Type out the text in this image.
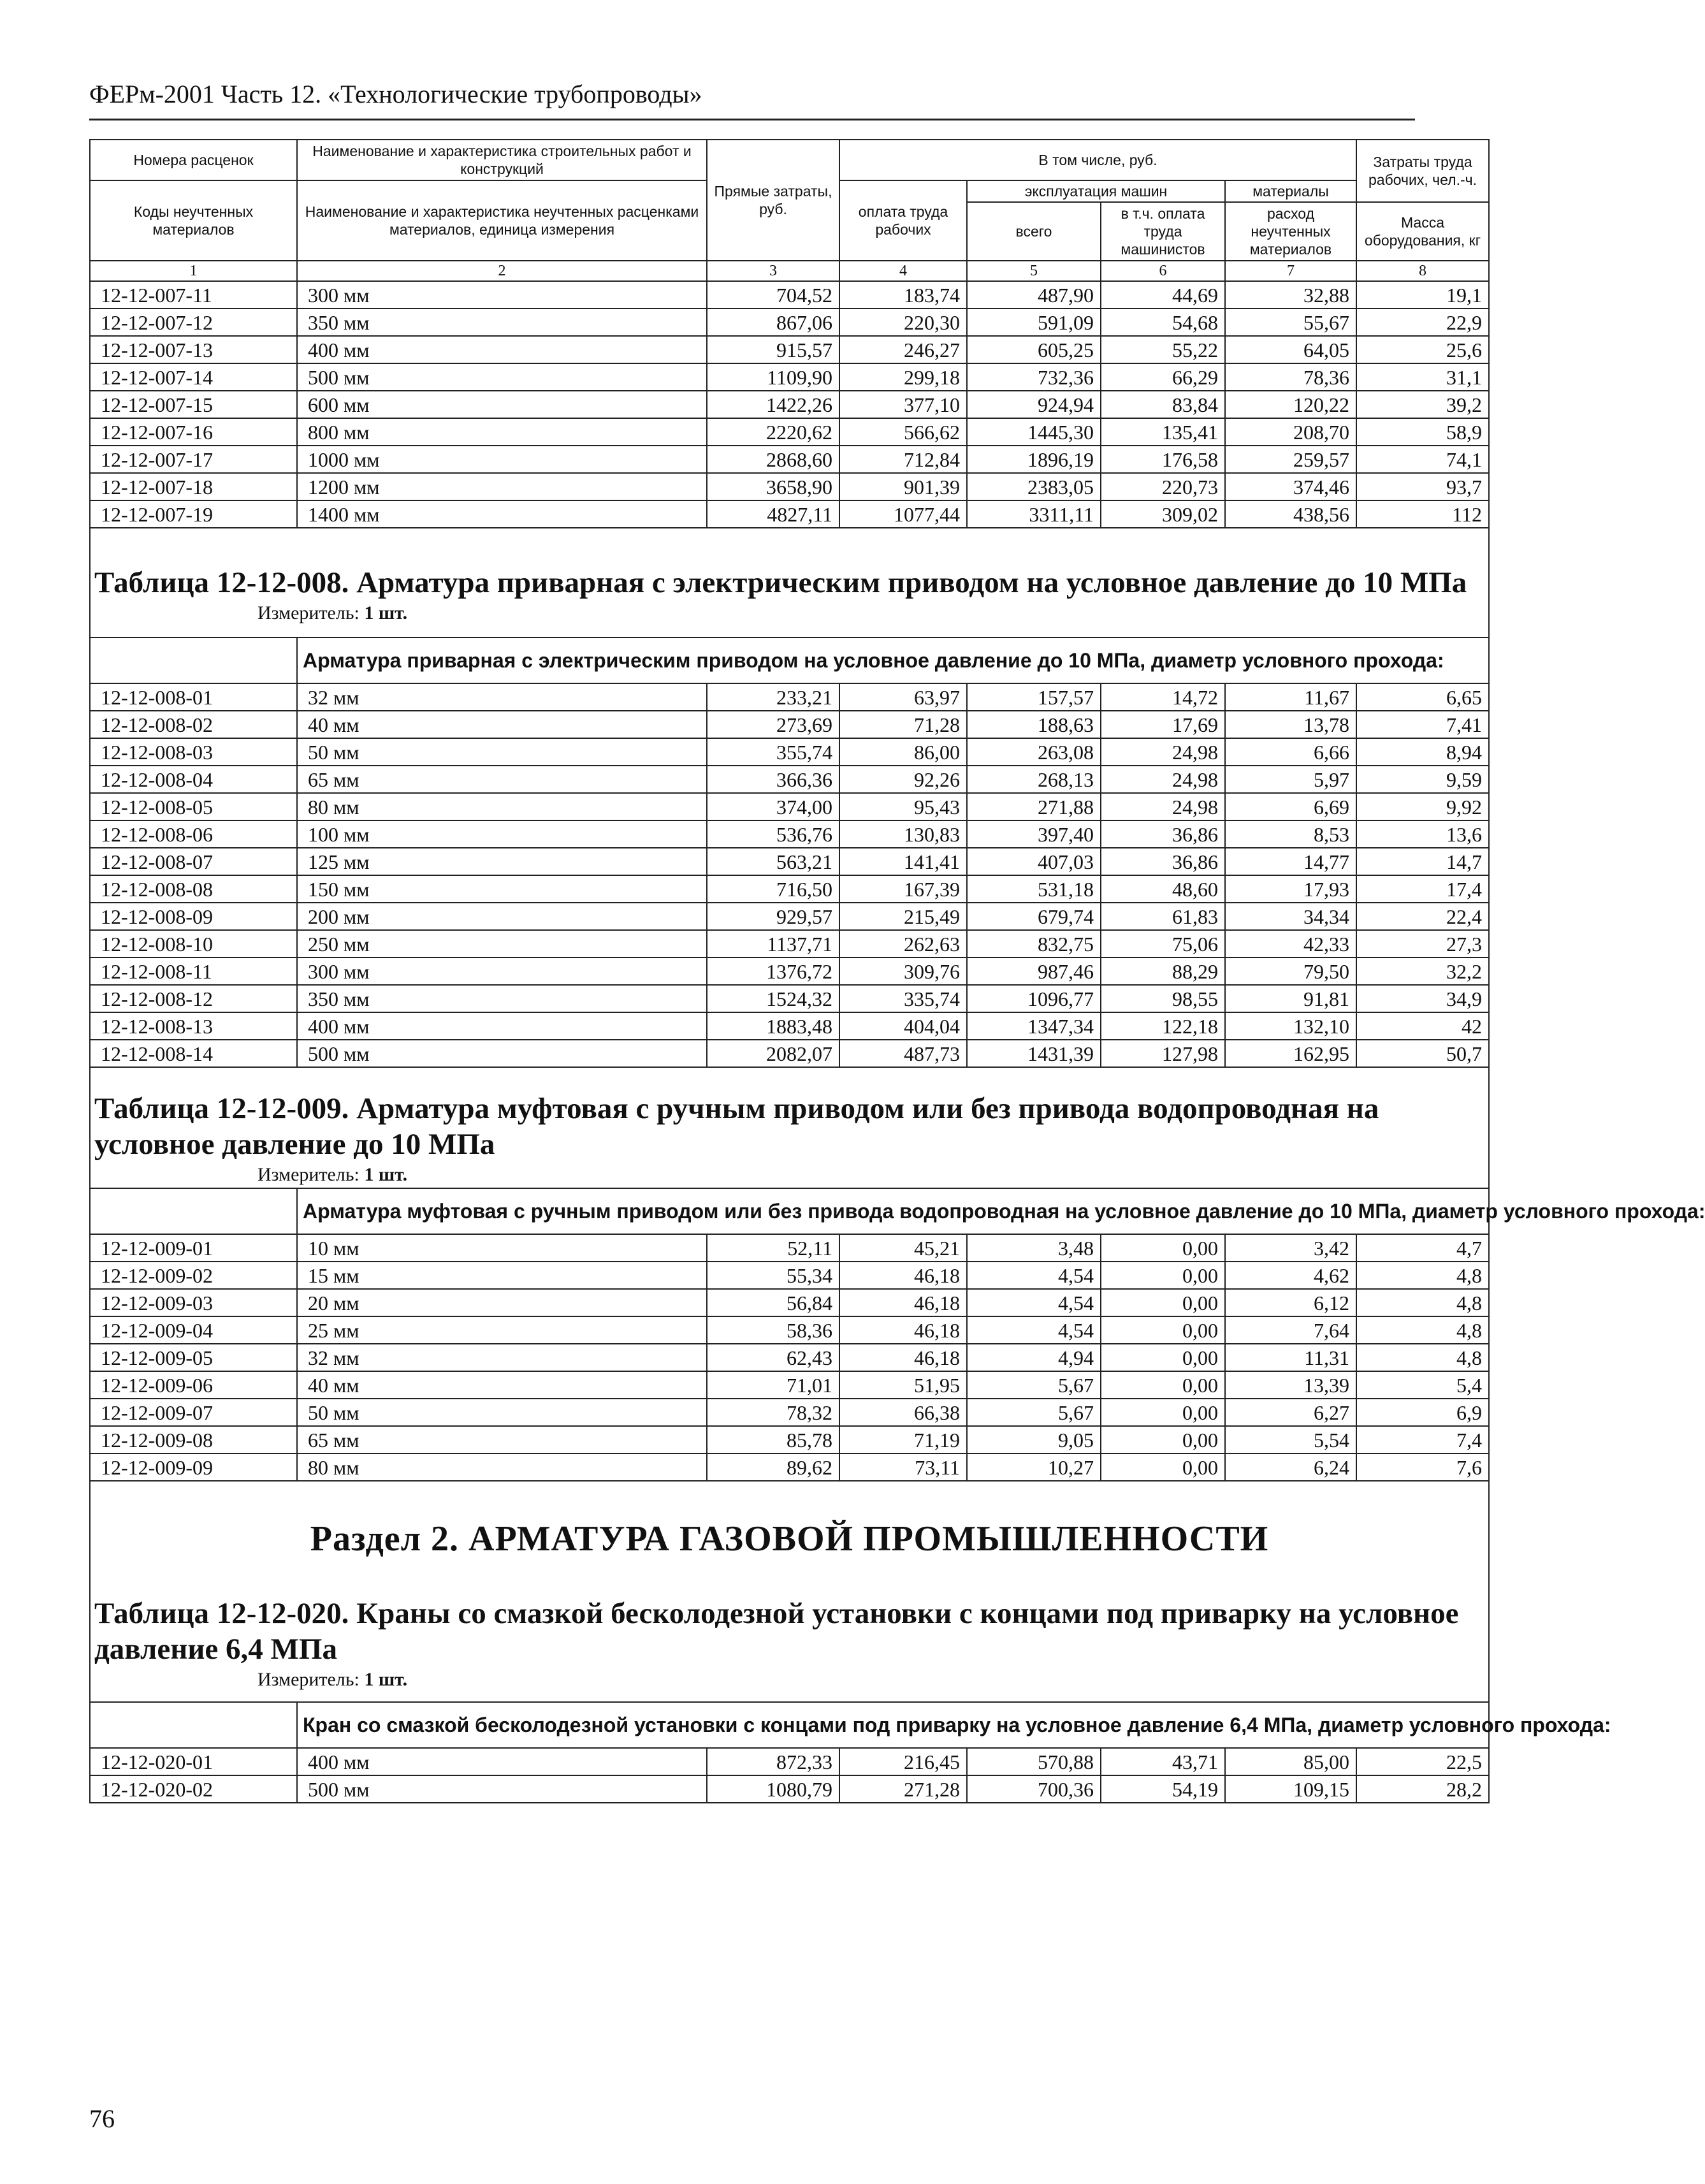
ФЕРм-2001 Часть 12. «Технологические трубопроводы»
Номера расценок	Наименование и характеристика строительных работ и конструкций	Прямые затраты, руб.	В том числе, руб.				Затраты труда рабочих, чел.-ч.
Коды неучтенных материалов	Наименование и характеристика неучтенных расценками материалов, единица измерения		оплата труда рабочих	эксплуатация машин		материалы	
				всего	в т.ч. оплата труда машинистов	расход неучтенных материалов	
							Масса оборудования, кг
1	2	3	4	5	6	7	8
12-12-007-11	300 мм	704,52	183,74	487,90	44,69	32,88	19,1
12-12-007-12	350 мм	867,06	220,30	591,09	54,68	55,67	22,9
12-12-007-13	400 мм	915,57	246,27	605,25	55,22	64,05	25,6
12-12-007-14	500 мм	1109,90	299,18	732,36	66,29	78,36	31,1
12-12-007-15	600 мм	1422,26	377,10	924,94	83,84	120,22	39,2
12-12-007-16	800 мм	2220,62	566,62	1445,30	135,41	208,70	58,9
12-12-007-17	1000 мм	2868,60	712,84	1896,19	176,58	259,57	74,1
12-12-007-18	1200 мм	3658,90	901,39	2383,05	220,73	374,46	93,7
12-12-007-19	1400 мм	4827,11	1077,44	3311,11	309,02	438,56	112

Таблица 12-12-008. Арматура приварная с электрическим приводом на условное давление до 10 МПа
Измеритель: 1 шт.							

	Арматура приварная с электрическим приводом на условное давление до 10 МПа, диаметр условного прохода:						
12-12-008-01	32 мм	233,21	63,97	157,57	14,72	11,67	6,65
12-12-008-02	40 мм	273,69	71,28	188,63	17,69	13,78	7,41
12-12-008-03	50 мм	355,74	86,00	263,08	24,98	6,66	8,94
12-12-008-04	65 мм	366,36	92,26	268,13	24,98	5,97	9,59
12-12-008-05	80 мм	374,00	95,43	271,88	24,98	6,69	9,92
12-12-008-06	100 мм	536,76	130,83	397,40	36,86	8,53	13,6
12-12-008-07	125 мм	563,21	141,41	407,03	36,86	14,77	14,7
12-12-008-08	150 мм	716,50	167,39	531,18	48,60	17,93	17,4
12-12-008-09	200 мм	929,57	215,49	679,74	61,83	34,34	22,4
12-12-008-10	250 мм	1137,71	262,63	832,75	75,06	42,33	27,3
12-12-008-11	300 мм	1376,72	309,76	987,46	88,29	79,50	32,2
12-12-008-12	350 мм	1524,32	335,74	1096,77	98,55	91,81	34,9
12-12-008-13	400 мм	1883,48	404,04	1347,34	122,18	132,10	42
12-12-008-14	500 мм	2082,07	487,73	1431,39	127,98	162,95	50,7

Таблица 12-12-009. Арматура муфтовая с ручным приводом или без привода водопроводная на условное давление до 10 МПа
Измеритель: 1 шт.							

	Арматура муфтовая с ручным приводом или без привода водопроводная на условное давление до 10 МПа, диаметр условного прохода:						
12-12-009-01	10 мм	52,11	45,21	3,48	0,00	3,42	4,7
12-12-009-02	15 мм	55,34	46,18	4,54	0,00	4,62	4,8
12-12-009-03	20 мм	56,84	46,18	4,54	0,00	6,12	4,8
12-12-009-04	25 мм	58,36	46,18	4,54	0,00	7,64	4,8
12-12-009-05	32 мм	62,43	46,18	4,94	0,00	11,31	4,8
12-12-009-06	40 мм	71,01	51,95	5,67	0,00	13,39	5,4
12-12-009-07	50 мм	78,32	66,38	5,67	0,00	6,27	6,9
12-12-009-08	65 мм	85,78	71,19	9,05	0,00	5,54	7,4
12-12-009-09	80 мм	89,62	73,11	10,27	0,00	6,24	7,6

Раздел 2. АРМАТУРА ГАЗОВОЙ ПРОМЫШЛЕННОСТИ
Таблица 12-12-020. Краны со смазкой бесколодезной установки с концами под приварку на условное давление 6,4 МПа
Измеритель: 1 шт.							

	Кран со смазкой бесколодезной установки с концами под приварку на условное давление 6,4 МПа, диаметр условного прохода:						
12-12-020-01	400 мм	872,33	216,45	570,88	43,71	85,00	22,5
12-12-020-02	500 мм	1080,79	271,28	700,36	54,19	109,15	28,2
76
